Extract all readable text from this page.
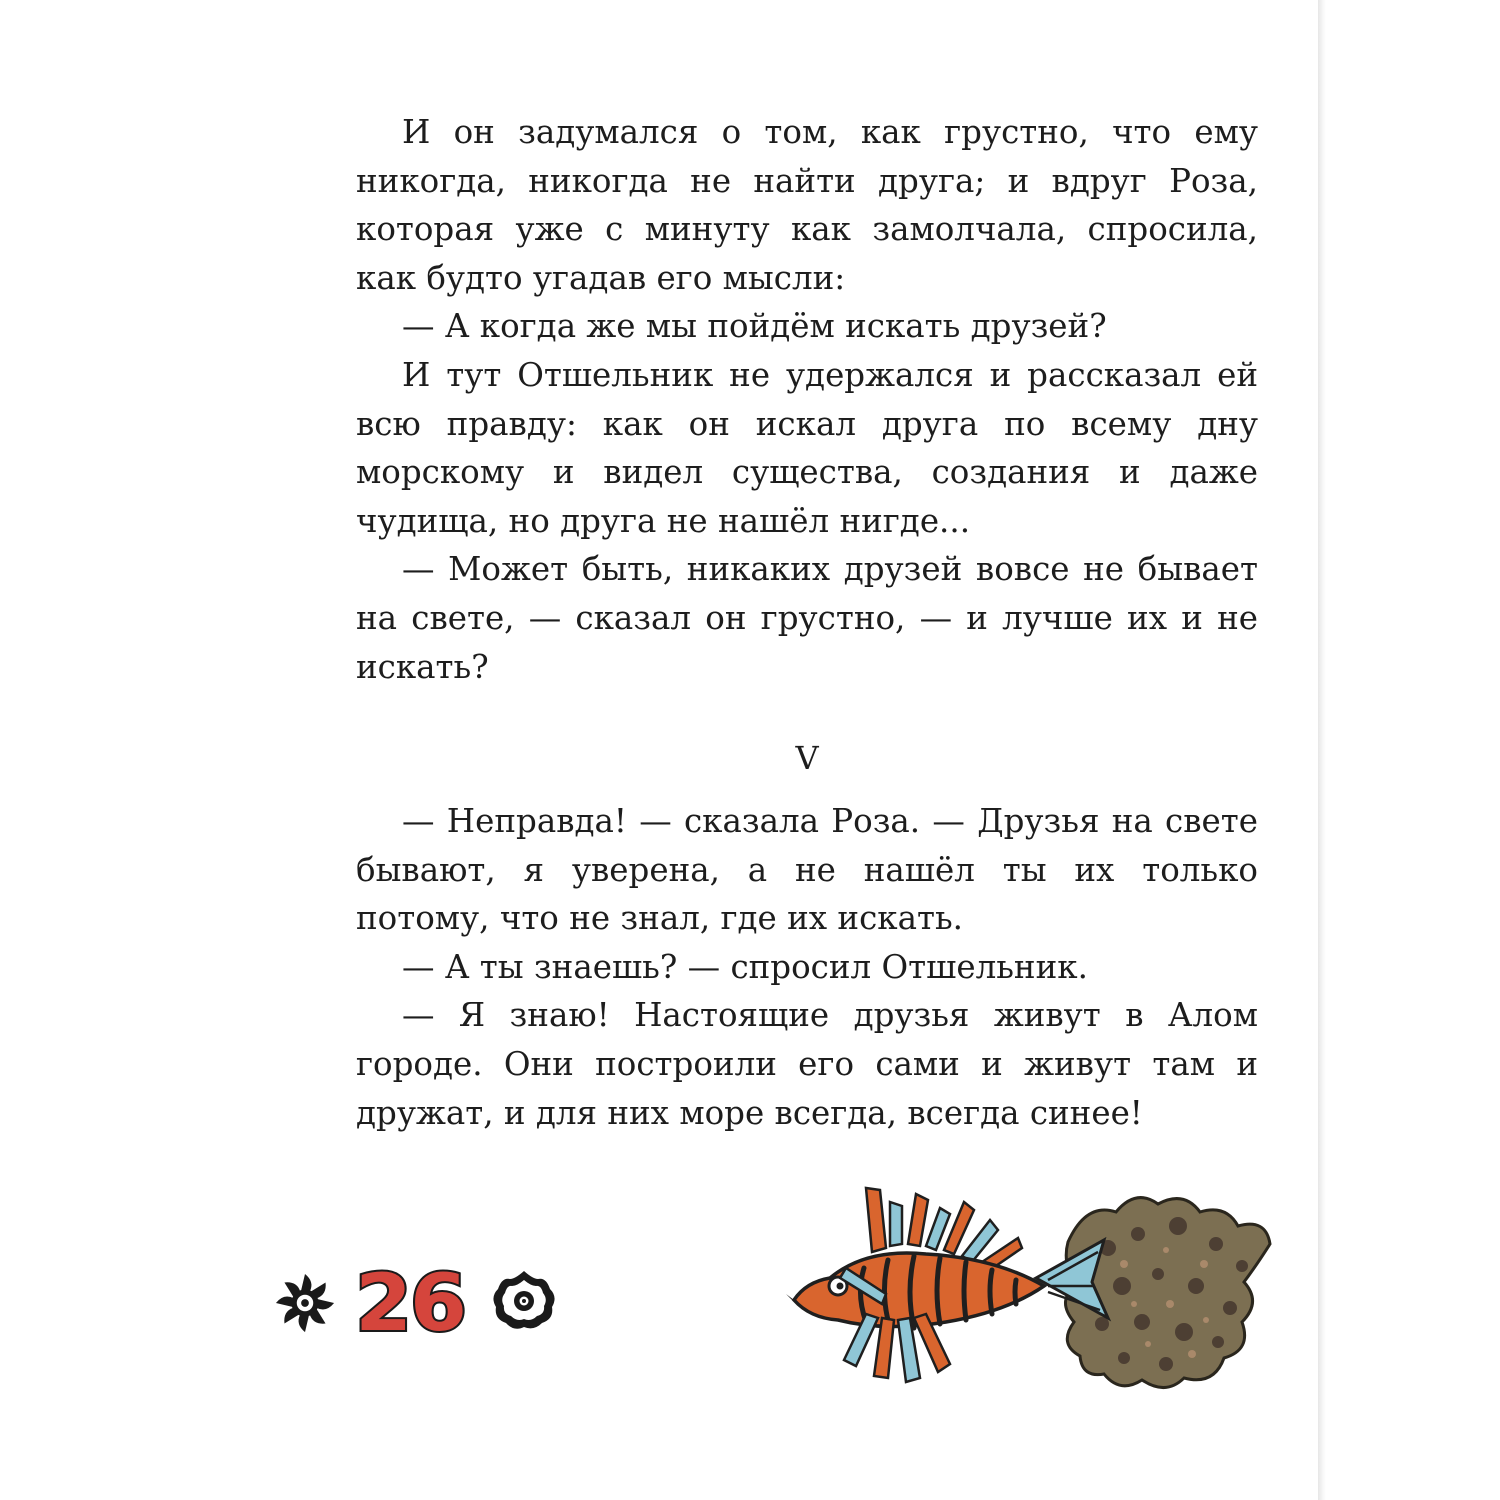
И он задумался о том, как грустно, что ему никогда, никогда не найти друга; и вдруг Роза, которая уже с минуту как замолчала, спросила, как будто угадав его мысли:

— А когда же мы пойдём искать друзей?

И тут Отшельник не удержался и рассказал ей всю правду: как он искал друга по всему дну морскому и видел существа, создания и даже чудища, но друга не нашёл нигде...

— Может быть, никаких друзей вовсе не бывает на свете, — сказал он грустно, — и лучше их и не искать?

V

— Неправда! — сказала Роза. — Друзья на свете бывают, я уверена, а не нашёл ты их только потому, что не знал, где их искать.

— А ты знаешь? — спросил Отшельник.

— Я знаю! Настоящие друзья живут в Алом городе. Они построили его сами и живут там и дружат, и для них море всегда, всегда синее!

26
